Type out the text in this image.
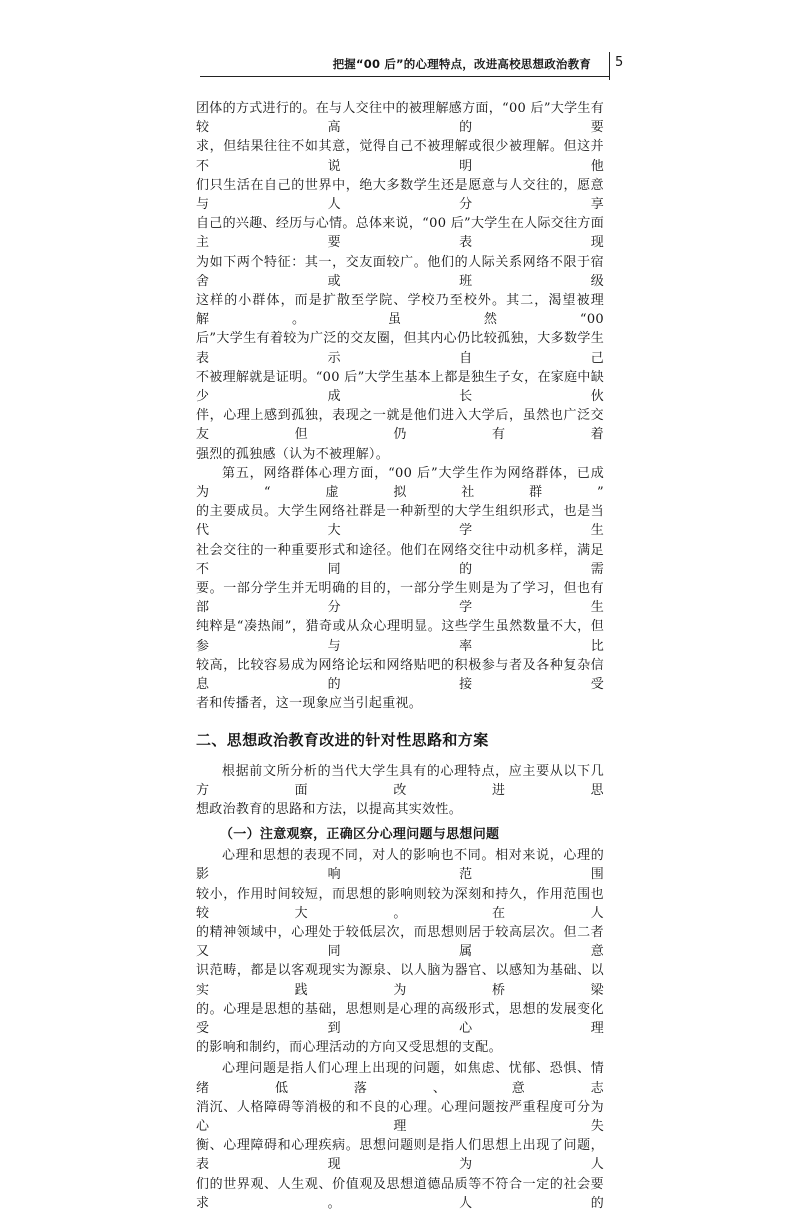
把握“00 后”的心理特点，改进高校思想政治教育 5

团体的方式进行的。在与人交往中的被理解感方面，“00 后”大学生有较高的要

求，但结果往往不如其意，觉得自己不被理解或很少被理解。但这并不说明他

们只生活在自己的世界中，绝大多数学生还是愿意与人交往的，愿意与人分享

自己的兴趣、经历与心情。总体来说，“00 后”大学生在人际交往方面主要表现

为如下两个特征：其一，交友面较广。他们的人际关系网络不限于宿舍或班级

这样的小群体，而是扩散至学院、学校乃至校外。其二，渴望被理解。虽然“00

后”大学生有着较为广泛的交友圈，但其内心仍比较孤独，大多数学生表示自己

不被理解就是证明。“00 后”大学生基本上都是独生子女，在家庭中缺少成长伙

伴，心理上感到孤独，表现之一就是他们进入大学后，虽然也广泛交友但仍有着

强烈的孤独感（认为不被理解）。

第五，网络群体心理方面，“00 后”大学生作为网络群体，已成为“虚拟社群”

的主要成员。大学生网络社群是一种新型的大学生组织形式，也是当代大学生

社会交往的一种重要形式和途径。他们在网络交往中动机多样，满足不同的需

要。一部分学生并无明确的目的，一部分学生则是为了学习，但也有部分学生

纯粹是“凑热闹”，猎奇或从众心理明显。这些学生虽然数量不大，但参与率比

较高，比较容易成为网络论坛和网络贴吧的积极参与者及各种复杂信息的接受

者和传播者，这一现象应当引起重视。

二、思想政治教育改进的针对性思路和方案

根据前文所分析的当代大学生具有的心理特点，应主要从以下几方面改进思

想政治教育的思路和方法，以提高其实效性。

（一）注意观察，正确区分心理问题与思想问题

心理和思想的表现不同，对人的影响也不同。相对来说，心理的影响范围

较小，作用时间较短，而思想的影响则较为深刻和持久，作用范围也较大。在人

的精神领域中，心理处于较低层次，而思想则居于较高层次。但二者又同属意

识范畴，都是以客观现实为源泉、以人脑为器官、以感知为基础、以实践为桥梁

的。心理是思想的基础，思想则是心理的高级形式，思想的发展变化受到心理

的影响和制约，而心理活动的方向又受思想的支配。

心理问题是指人们心理上出现的问题，如焦虑、忧郁、恐惧、情绪低落、意志

消沉、人格障碍等消极的和不良的心理。心理问题按严重程度可分为心理失

衡、心理障碍和心理疾病。思想问题则是指人们思想上出现了问题，表现为人

们的世界观、人生观、价值观及思想道德品质等不符合一定的社会要求。人的
